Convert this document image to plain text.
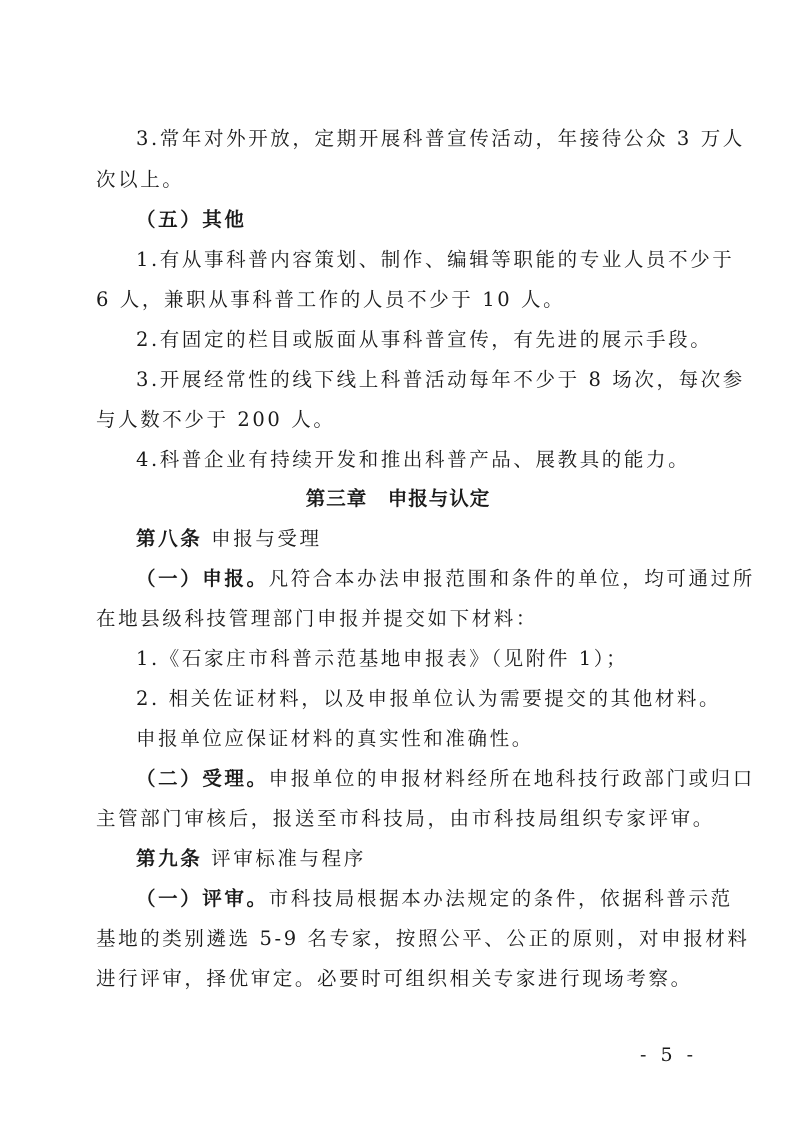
3.常年对外开放，定期开展科普宣传活动，年接待公众 3 万人
次以上。
（五）其他
1.有从事科普内容策划、制作、编辑等职能的专业人员不少于
6 人，兼职从事科普工作的人员不少于 10 人。
2.有固定的栏目或版面从事科普宣传，有先进的展示手段。
3.开展经常性的线下线上科普活动每年不少于 8 场次，每次参
与人数不少于 200 人。
4.科普企业有持续开发和推出科普产品、展教具的能力。
第三章　申报与认定
第八条 申报与受理
（一）申报。凡符合本办法申报范围和条件的单位，均可通过所
在地县级科技管理部门申报并提交如下材料：
1.《石家庄市科普示范基地申报表》（见附件 1）；
2. 相关佐证材料，以及申报单位认为需要提交的其他材料。
申报单位应保证材料的真实性和准确性。
（二）受理。申报单位的申报材料经所在地科技行政部门或归口
主管部门审核后，报送至市科技局，由市科技局组织专家评审。
第九条 评审标准与程序
（一）评审。市科技局根据本办法规定的条件，依据科普示范
基地的类别遴选 5-9 名专家，按照公平、公正的原则，对申报材料
进行评审，择优审定。必要时可组织相关专家进行现场考察。
- 5 -
